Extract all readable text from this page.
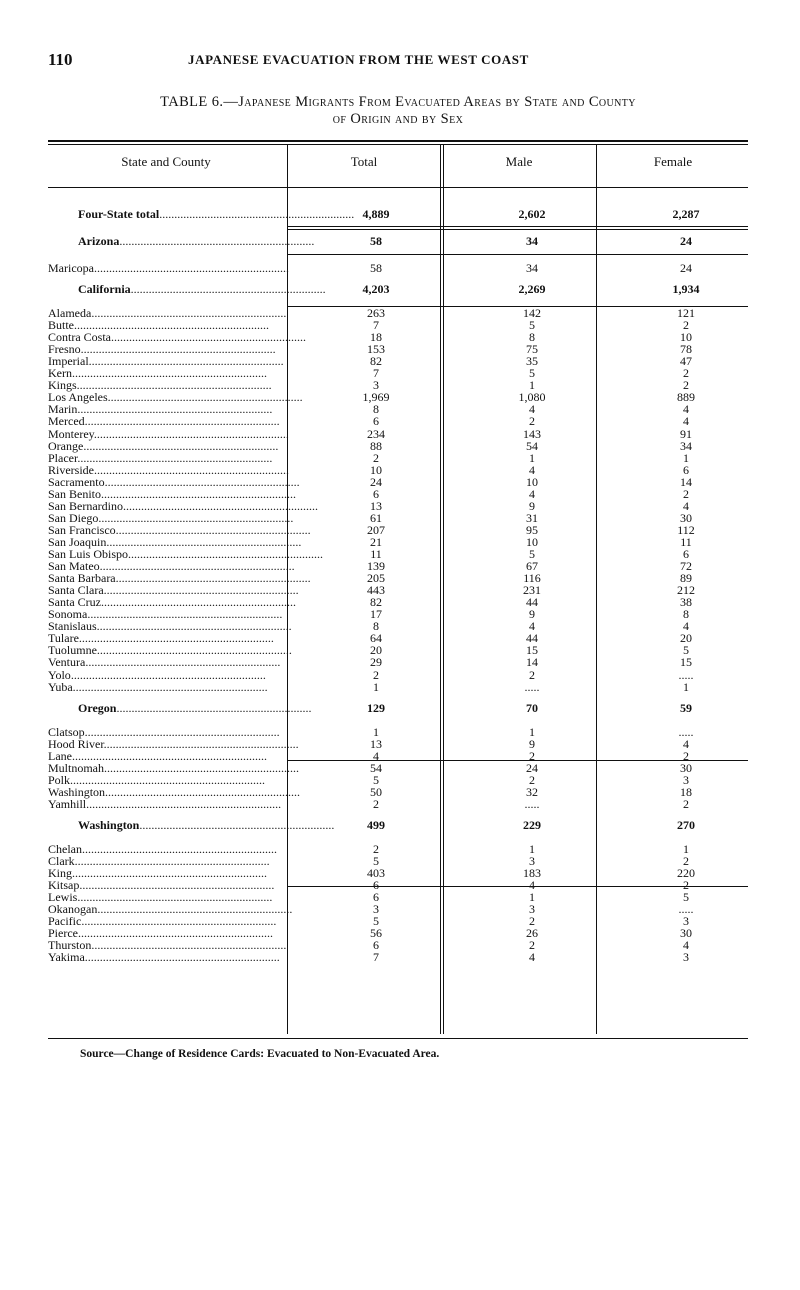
110	JAPANESE EVACUATION FROM THE WEST COAST
TABLE 6.—Japanese Migrants From Evacuated Areas by State and County
of Origin and by Sex
State and County	Total	Male	Female
Four-State total................................................................. 4,889	2,602	2,287
Arizona.................................................................	58	34	24
Maricopa.................................................................	58	34	24
California.................................................................	4,203	2,269	1,934
Alameda.................................................................	263	142	121
Butte.................................................................	7	5	2
Contra Costa.................................................................	18	8	10
Fresno.................................................................	153	75	78
Imperial.................................................................	82	35	47
Kern.................................................................	7	5	2
Kings.................................................................	3	1	2
Los Angeles.................................................................	1,969	1,080	889
Marin.................................................................	8	4	4
Merced.................................................................	6	2	4
Monterey.................................................................	234	143	91
Orange.................................................................	88	54	34
Placer.................................................................	2	1	1
Riverside.................................................................	10	4	6
Sacramento.................................................................	24	10	14
San Benito.................................................................	6	4	2
San Bernardino.................................................................	13	9	4
San Diego.................................................................	61	31	30
San Francisco.................................................................	207	95	112
San Joaquin.................................................................	21	10	11
San Luis Obispo.................................................................	11	5	6
San Mateo.................................................................	139	67	72
Santa Barbara.................................................................	205	116	89
Santa Clara.................................................................	443	231	212
Santa Cruz.................................................................	82	44	38
Sonoma.................................................................	17	9	8
Stanislaus.................................................................	8	4	4
Tulare.................................................................	64	44	20
Tuolumne.................................................................	20	15	5
Ventura.................................................................	29	14	15
Yolo.................................................................	2	2	.....
Yuba.................................................................	1	.....	1
Oregon.................................................................	129	70	59
Clatsop.................................................................	1	1	.....
Hood River.................................................................	13	9	4
Lane.................................................................	4	2	2
Multnomah.................................................................	54	24	30
Polk.................................................................	5	2	3
Washington.................................................................	50	32	18
Yamhill.................................................................	2	.....	2
Washington.................................................................	499	229	270
Chelan.................................................................	2	1	1
Clark.................................................................	5	3	2
King.................................................................	403	183	220
Kitsap.................................................................	6	4	2
Lewis.................................................................	6	1	5
Okanogan.................................................................	3	3	.....
Pacific.................................................................	5	2	3
Pierce.................................................................	56	26	30
Thurston.................................................................	6	2	4
Yakima.................................................................	7	4	3
Source—Change of Residence Cards: Evacuated to Non-Evacuated Area.
